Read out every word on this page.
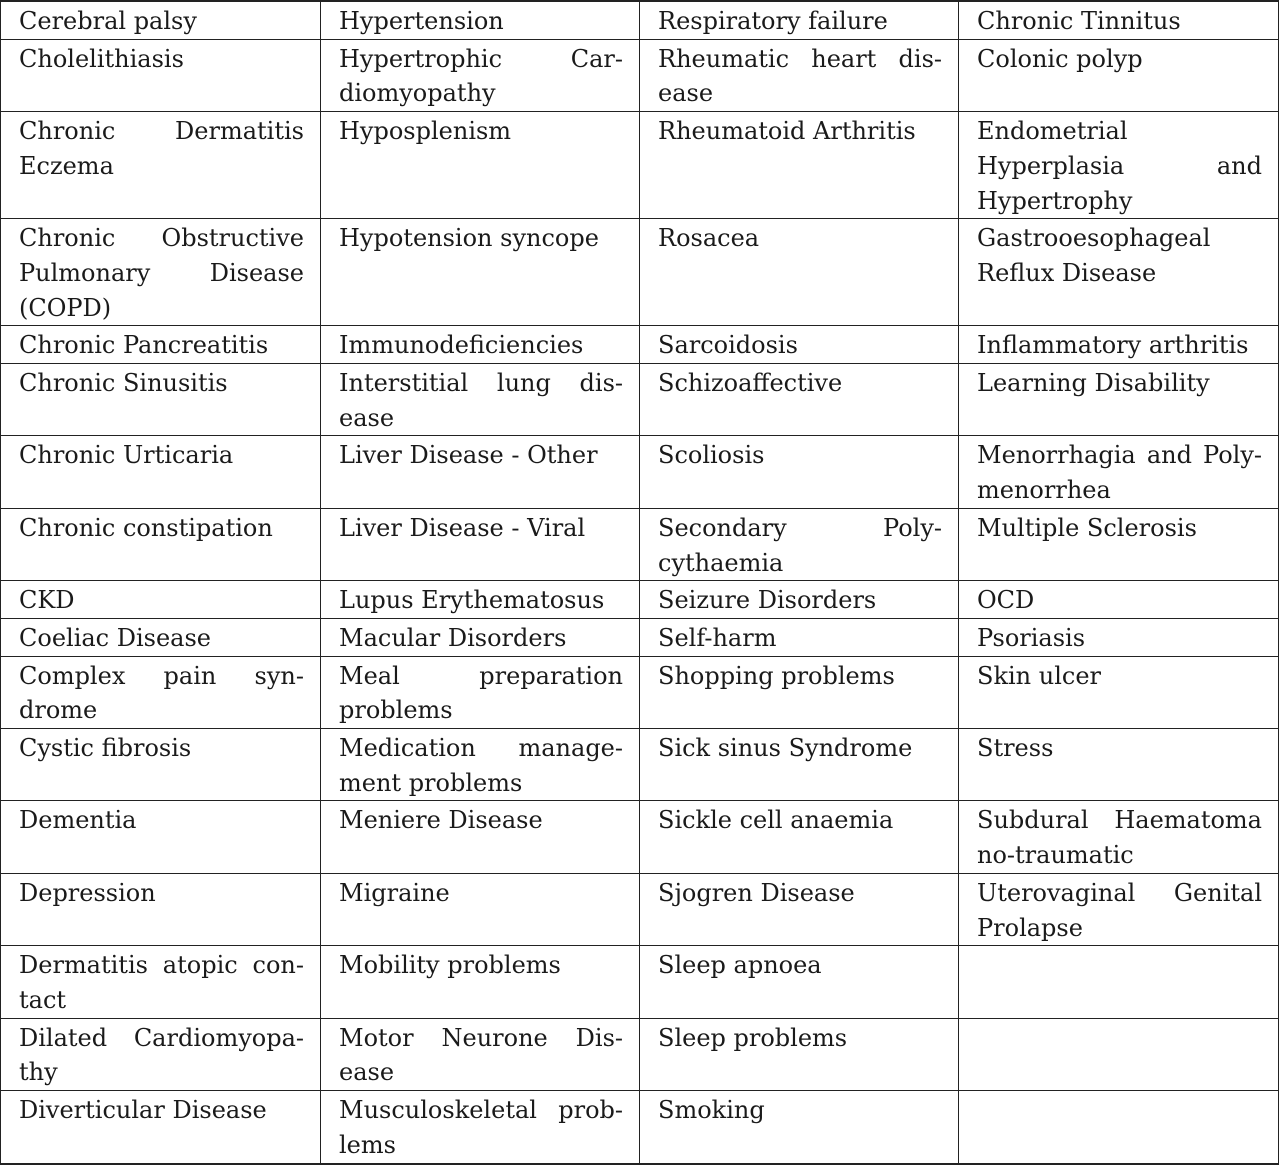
Cerebral palsy	Hypertension	Respiratory failure	Chronic Tinnitus
Cholelithiasis	Hypertrophic Cardiomyopathy	Rheumatic heart disease	Colonic polyp
Chronic Dermatitis Eczema	Hyposplenism	Rheumatoid Arthritis	Endometrial Hyperplasia and Hypertrophy
Chronic Obstructive Pulmonary Disease (COPD)	Hypotension syncope	Rosacea	Gastrooesophageal Reflux Disease
Chronic Pancreatitis	Immunodeficiencies	Sarcoidosis	Inflammatory arthritis
Chronic Sinusitis	Interstitial lung disease	Schizoaffective	Learning Disability
Chronic Urticaria	Liver Disease - Other	Scoliosis	Menorrhagia and Polymenorrhea
Chronic constipation	Liver Disease - Viral	Secondary Polycythaemia	Multiple Sclerosis
CKD	Lupus Erythematosus	Seizure Disorders	OCD
Coeliac Disease	Macular Disorders	Self-harm	Psoriasis
Complex pain syndrome	Meal preparation problems	Shopping problems	Skin ulcer
Cystic fibrosis	Medication management problems	Sick sinus Syndrome	Stress
Dementia	Meniere Disease	Sickle cell anaemia	Subdural Haematoma no-traumatic
Depression	Migraine	Sjogren Disease	Uterovaginal Genital Prolapse
Dermatitis atopic contact	Mobility problems	Sleep apnoea	
Dilated Cardiomyopathy	Motor Neurone Disease	Sleep problems	
Diverticular Disease	Musculoskeletal problems	Smoking	
